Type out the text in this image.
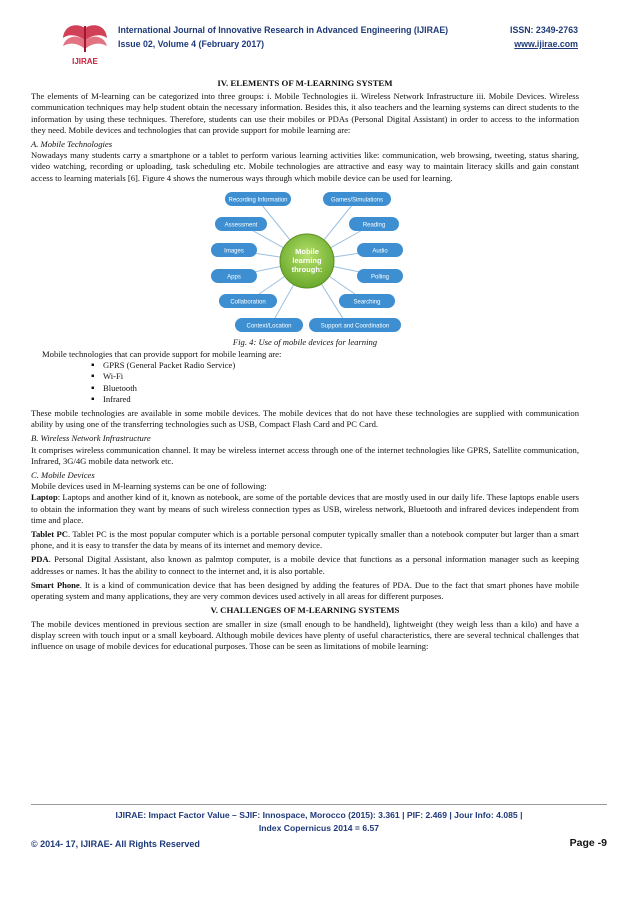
IJIRAE
International Journal of Innovative Research in Advanced Engineering (IJIRAE)	ISSN: 2349-2763
Issue 02, Volume 4 (February 2017)	www.ijirae.com
IV. ELEMENTS OF M-LEARNING SYSTEM

The elements of M-learning can be categorized into three groups: i. Mobile Technologies ii. Wireless Network Infrastructure iii. Mobile Devices. Wireless communication techniques may help student obtain the necessary information. Besides this, it also teachers and the learning systems can direct students to the information by using these techniques. Therefore, students can use their mobiles or PDAs (Personal Digital Assistant) in order to access to the information they need. Mobile devices and technologies that can provide support for mobile learning are:

A. Mobile Technologies

Nowadays many students carry a smartphone or a tablet to perform various learning activities like: communication, web browsing, tweeting, status sharing, video watching, recording or uploading, task scheduling etc. Mobile technologies are attractive and easy way to maintain literacy skills and gain constant access to learning materials [6]. Figure 4 shows the numerous ways through which mobile device can be used for learning.

Recording Information	Games/Simulations
Assessment	Reading
Images	Audio
Apps	Polling
Collaboration	Searching
Context/Location	Support and Coordination
Mobile
learning
through:
Fig. 4: Use of mobile devices for learning
Mobile technologies that can provide support for mobile learning are:
▪ GPRS (General Packet Radio Service)
▪ Wi-Fi
▪ Bluetooth
▪ Infrared

These mobile technologies are available in some mobile devices. The mobile devices that do not have these technologies are supplied with communication ability by using one of the transferring technologies such as USB, Compact Flash Card and PC Card.

B. Wireless Network Infrastructure

It comprises wireless communication channel. It may be wireless internet access through one of the internet technologies like GPRS, Satellite communication, Infrared, 3G/4G mobile data network etc.

C. Mobile Devices
Mobile devices used in M-learning systems can be one of following:

Laptop: Laptops and another kind of it, known as notebook, are some of the portable devices that are mostly used in our daily life. These laptops enable users to obtain the information they want by means of such wireless connection types as USB, wireless network, Bluetooth and infrared devices independent from time and place.

Tablet PC. Tablet PC is the most popular computer which is a portable personal computer typically smaller than a notebook computer but larger than a smart phone, and it is easy to transfer the data by means of its internet and memory device.

PDA. Personal Digital Assistant, also known as palmtop computer, is a mobile device that functions as a personal information manager such as keeping addresses or names. It has the ability to connect to the internet and, it is also portable.

Smart Phone. It is a kind of communication device that has been designed by adding the features of PDA. Due to the fact that smart phones have mobile operating system and many applications, they are very common devices used actively in all areas for different purposes.

V. CHALLENGES OF M-LEARNING SYSTEMS

The mobile devices mentioned in previous section are smaller in size (small enough to be handheld), lightweight (they weigh less than a kilo) and have a display screen with touch input or a small keyboard. Although mobile devices have plenty of useful characteristics, there are several technical challenges that influence on usage of mobile devices for educational purposes. Those can be seen as limitations of mobile learning:

IJIRAE: Impact Factor Value – SJIF: Innospace, Morocco (2015): 3.361 | PIF: 2.469 | Jour Info: 4.085 |
Index Copernicus 2014 = 6.57
© 2014- 17, IJIRAE- All Rights Reserved	Page -9
